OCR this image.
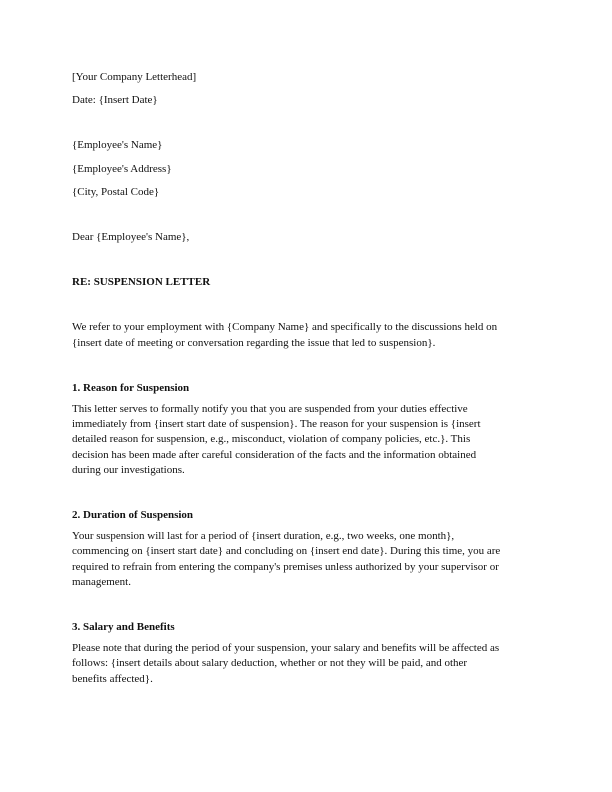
[Your Company Letterhead]
Date: {Insert Date}
{Employee's Name}
{Employee's Address}
{City, Postal Code}
Dear {Employee's Name},
RE: SUSPENSION LETTER

We refer to your employment with {Company Name} and specifically to the discussions held on

{insert date of meeting or conversation regarding the issue that led to suspension}.

1. Reason for Suspension

This letter serves to formally notify you that you are suspended from your duties effective

immediately from {insert start date of suspension}. The reason for your suspension is {insert

detailed reason for suspension, e.g., misconduct, violation of company policies, etc.}. This

decision has been made after careful consideration of the facts and the information obtained

during our investigations.

2. Duration of Suspension

Your suspension will last for a period of {insert duration, e.g., two weeks, one month},

commencing on {insert start date} and concluding on {insert end date}. During this time, you are

required to refrain from entering the company's premises unless authorized by your supervisor or

management.

3. Salary and Benefits

Please note that during the period of your suspension, your salary and benefits will be affected as

follows: {insert details about salary deduction, whether or not they will be paid, and other

benefits affected}.
